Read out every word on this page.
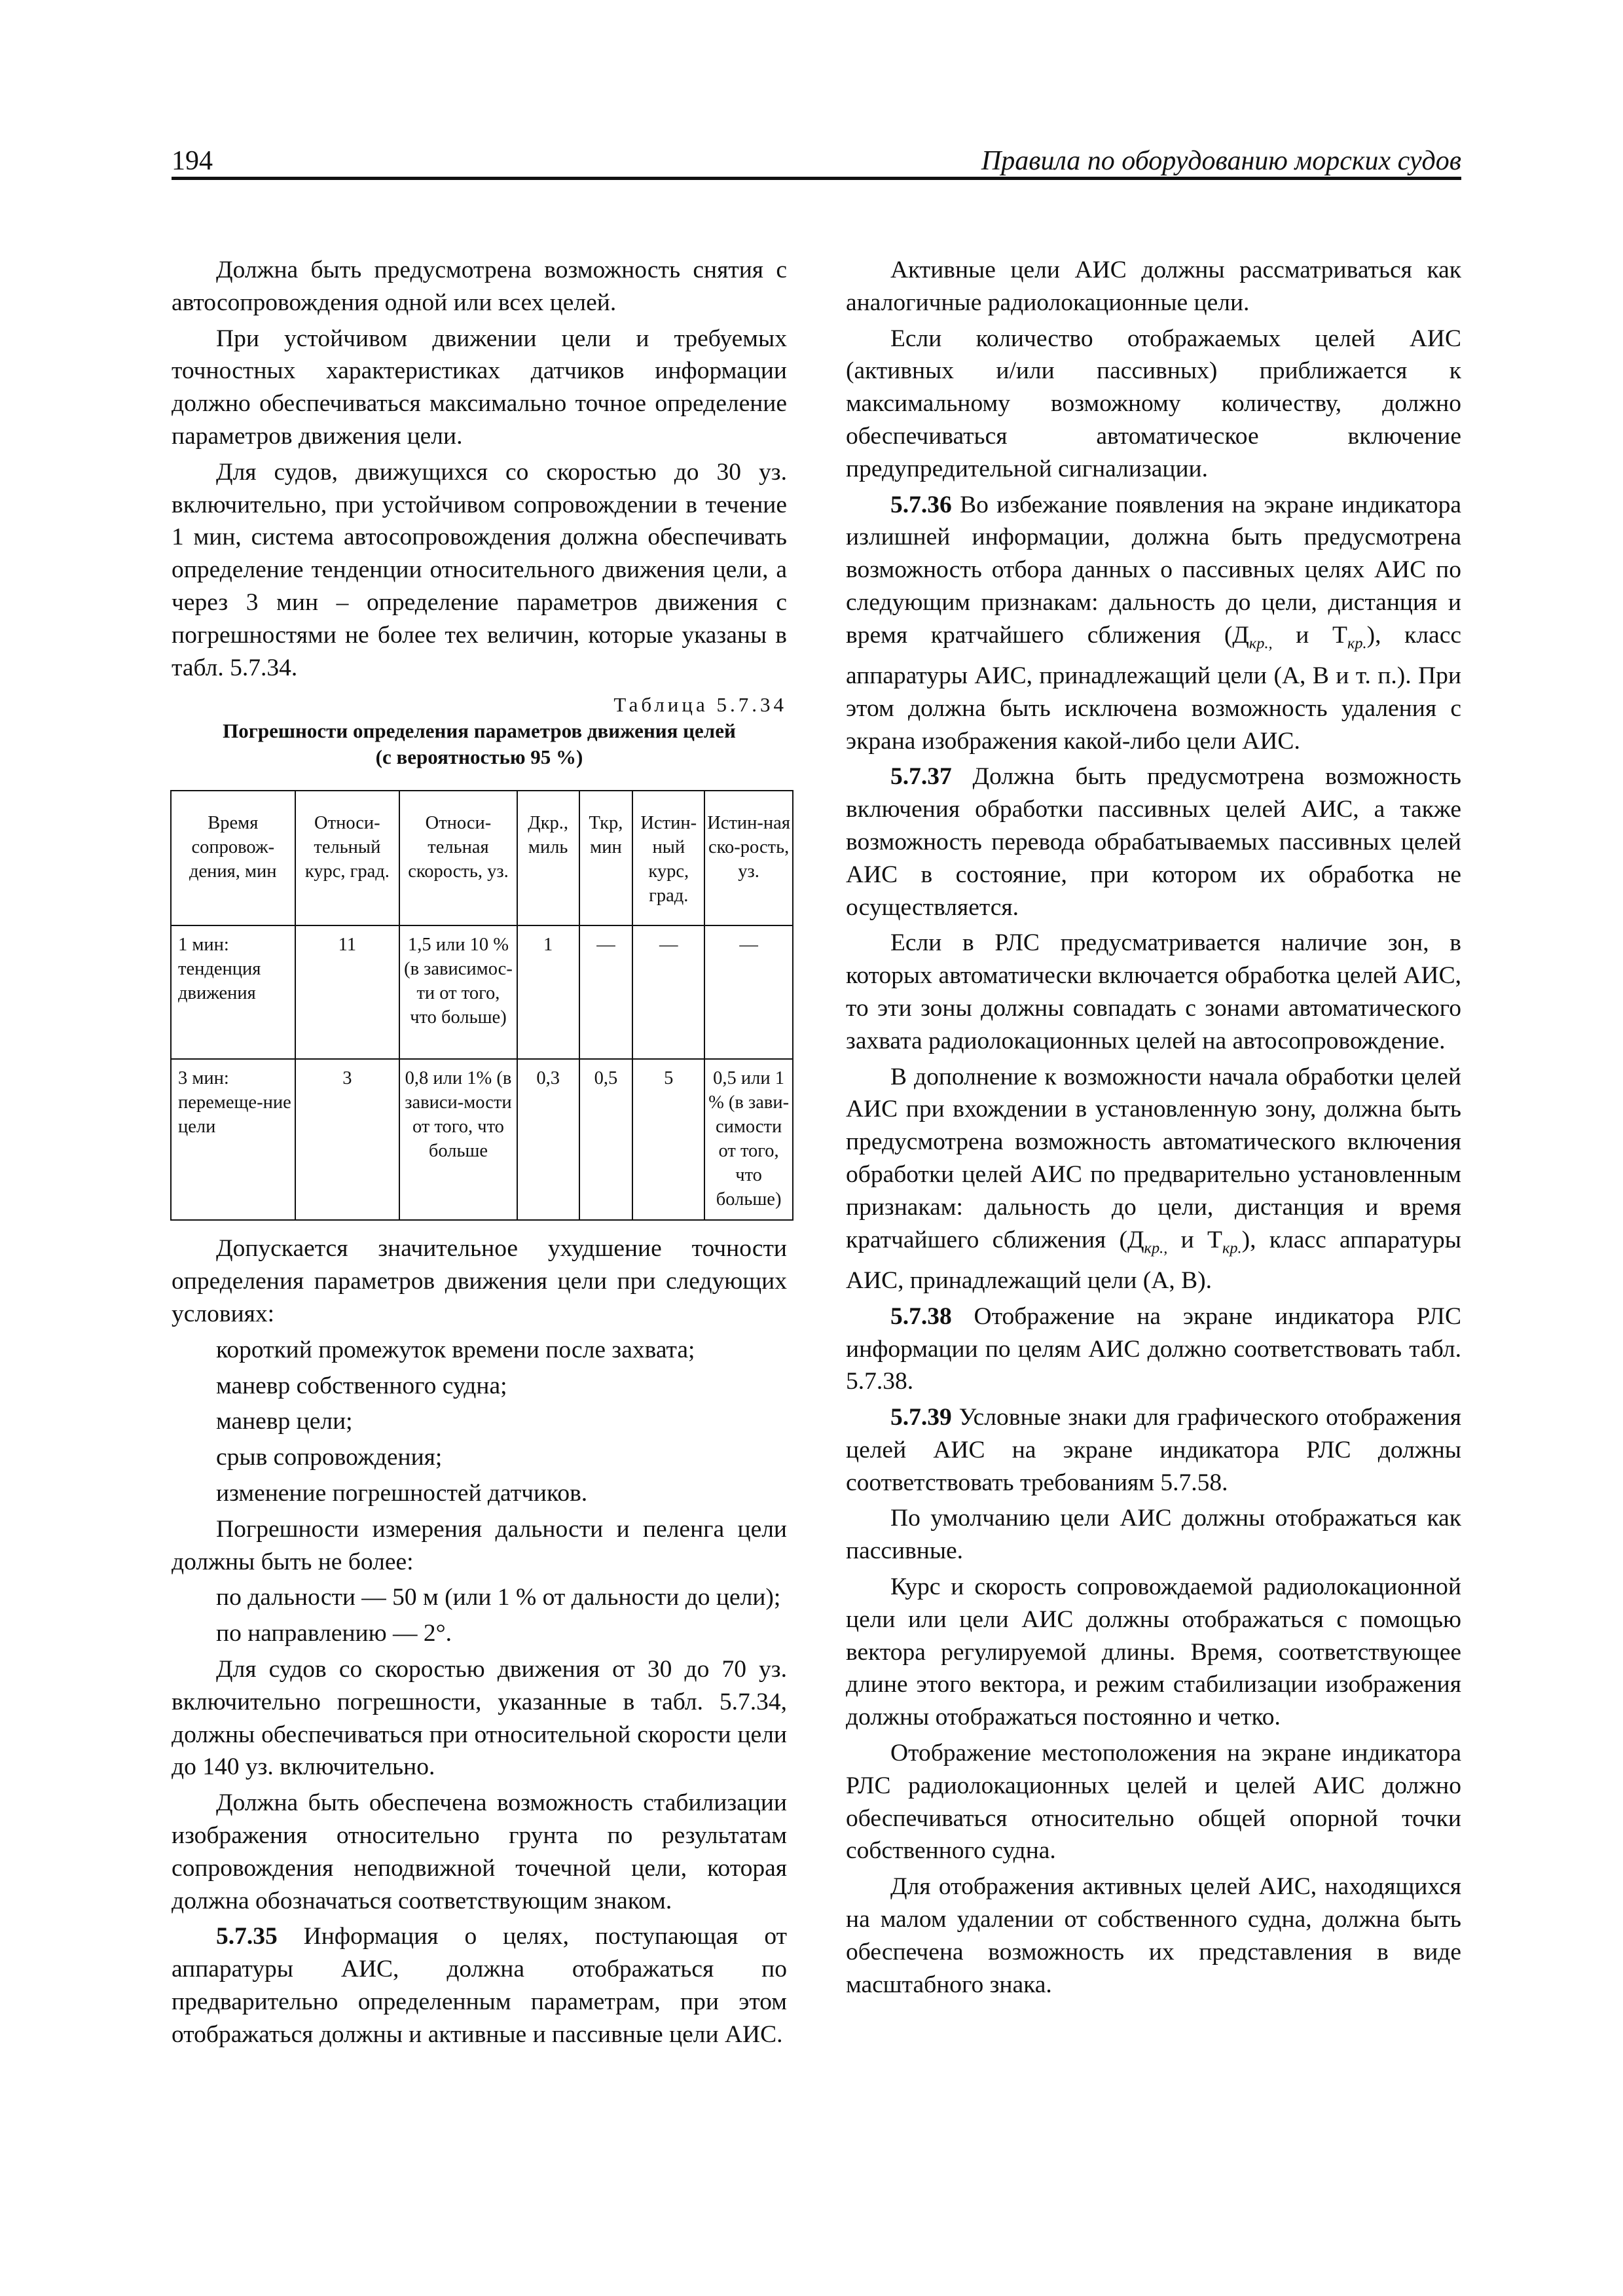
194	Правила по оборудованию морских судов

Должна быть предусмотрена возможность снятия с автосопровождения одной или всех целей.

При устойчивом движении цели и требуемых точностных характеристиках датчиков информации должно обеспечиваться максимально точное определение параметров движения цели.

Для судов, движущихся со скоростью до 30 уз. включительно, при устойчивом сопровождении в течение 1 мин, система автосопровождения должна обеспечивать определение тенденции относительного движения цели, а через 3 мин – определение параметров движения с погрешностями не более тех величин, которые указаны в табл. 5.7.34.

Таблица 5.7.34
Погрешности определения параметров движения целей
(с вероятностью 95 %)
Время сопровож-дения, мин	Относи-тельный курс, град.	Относи-тельная скорость, уз.	Дкр., миль	Ткр, мин	Истин-ный курс, град.	Истин-ная ско-рость, уз.
1 мин: тенденция движения	11	1,5 или 10 % (в зависимос-ти от того, что больше)	1	—	—	—
3 мин: перемеще-ние цели	3	0,8 или 1% (в зависи-мости от того, что больше	0,3	0,5	5	0,5 или 1 % (в зави-симости от того, что больше)

Допускается значительное ухудшение точности определения параметров движения цели при следующих условиях:

короткий промежуток времени после захвата;

маневр собственного судна;

маневр цели;

срыв сопровождения;

изменение погрешностей датчиков.

Погрешности измерения дальности и пеленга цели должны быть не более:

по дальности — 50 м (или 1 % от дальности до цели);

по направлению — 2°.

Для судов со скоростью движения от 30 до 70 уз. включительно погрешности, указанные в табл. 5.7.34, должны обеспечиваться при относительной скорости цели до 140 уз. включительно.

Должна быть обеспечена возможность стабилизации изображения относительно грунта по результатам сопровождения неподвижной точечной цели, которая должна обозначаться соответствующим знаком.

5.7.35 Информация о целях, поступающая от аппаратуры АИС, должна отображаться по предварительно определенным параметрам, при этом отображаться должны и активные и пассивные цели АИС.

Активные цели АИС должны рассматриваться как аналогичные радиолокационные цели.

Если количество отображаемых целей АИС (активных и/или пассивных) приближается к максимальному возможному количеству, должно обеспечиваться автоматическое включение предупредительной сигнализации.

5.7.36 Во избежание появления на экране индикатора излишней информации, должна быть предусмотрена возможность отбора данных о пассивных целях АИС по следующим признакам: дальность до цели, дистанция и время кратчайшего сближения ($Д_{кр.,}$ и $Т_{кр.}$), класс аппаратуры АИС, принадлежащий цели (А, В и т. п.). При этом должна быть исключена возможность удаления с экрана изображения какой-либо цели АИС.

5.7.37 Должна быть предусмотрена возможность включения обработки пассивных целей АИС, а также возможность перевода обрабатываемых пассивных целей АИС в состояние, при котором их обработка не осуществляется.

Если в РЛС предусматривается наличие зон, в которых автоматически включается обработка целей АИС, то эти зоны должны совпадать с зонами автоматического захвата радиолокационных целей на автосопровождение.

В дополнение к возможности начала обработки целей АИС при вхождении в установленную зону, должна быть предусмотрена возможность автоматического включения обработки целей АИС по предварительно установленным признакам: дальность до цели, дистанция и время кратчайшего сближения ($Д_{кр.,}$ и $Т_{кр.}$), класс аппаратуры АИС, принадлежащий цели (А, В).

5.7.38 Отображение на экране индикатора РЛС информации по целям АИС должно соответствовать табл. 5.7.38.

5.7.39 Условные знаки для графического отображения целей АИС на экране индикатора РЛС должны соответствовать требованиям 5.7.58.

По умолчанию цели АИС должны отображаться как пассивные.

Курс и скорость сопровождаемой радиолокационной цели или цели АИС должны отображаться с помощью вектора регулируемой длины. Время, соответствующее длине этого вектора, и режим стабилизации изображения должны отображаться постоянно и четко.

Отображение местоположения на экране индикатора РЛС радиолокационных целей и целей АИС должно обеспечиваться относительно общей опорной точки собственного судна.

Для отображения активных целей АИС, находящихся на малом удалении от собственного судна, должна быть обеспечена возможность их представления в виде масштабного знака.
